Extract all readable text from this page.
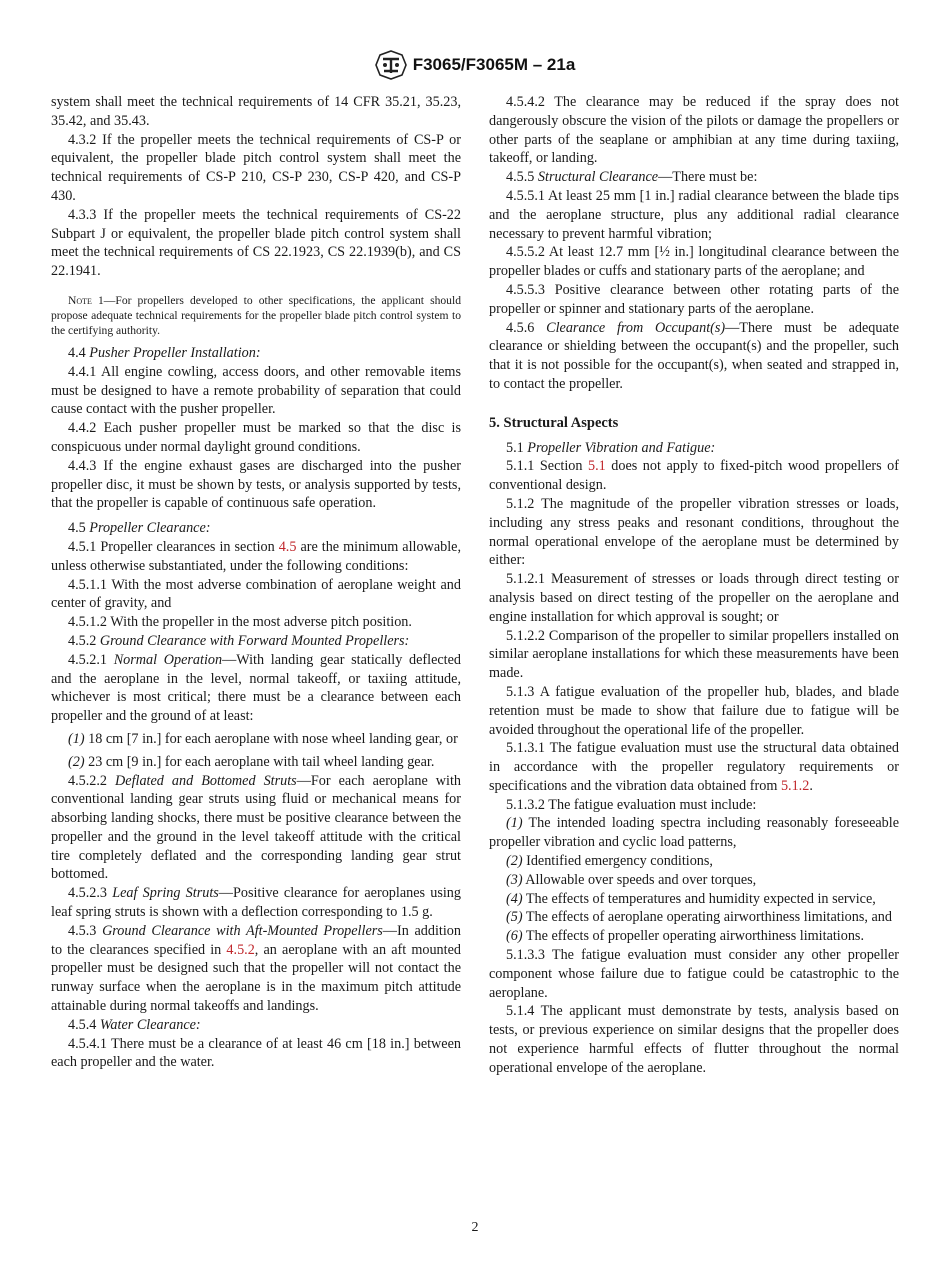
F3065/F3065M – 21a

system shall meet the technical requirements of 14 CFR 35.21, 35.23, 35.42, and 35.43.

4.3.2 If the propeller meets the technical requirements of CS-P or equivalent, the propeller blade pitch control system shall meet the technical requirements of CS-P 210, CS-P 230, CS-P 420, and CS-P 430.

4.3.3 If the propeller meets the technical requirements of CS-22 Subpart J or equivalent, the propeller blade pitch control system shall meet the technical requirements of CS 22.1923, CS 22.1939(b), and CS 22.1941.

Note 1—For propellers developed to other specifications, the applicant should propose adequate technical requirements for the propeller blade pitch control system to the certifying authority.

4.4 Pusher Propeller Installation:

4.4.1 All engine cowling, access doors, and other removable items must be designed to have a remote probability of separation that could cause contact with the pusher propeller.

4.4.2 Each pusher propeller must be marked so that the disc is conspicuous under normal daylight ground conditions.

4.4.3 If the engine exhaust gases are discharged into the pusher propeller disc, it must be shown by tests, or analysis supported by tests, that the propeller is capable of continuous safe operation.

4.5 Propeller Clearance:

4.5.1 Propeller clearances in section 4.5 are the minimum allowable, unless otherwise substantiated, under the following conditions:

4.5.1.1 With the most adverse combination of aeroplane weight and center of gravity, and

4.5.1.2 With the propeller in the most adverse pitch position.

4.5.2 Ground Clearance with Forward Mounted Propellers:

4.5.2.1 Normal Operation—With landing gear statically deflected and the aeroplane in the level, normal takeoff, or taxiing attitude, whichever is most critical; there must be a clearance between each propeller and the ground of at least:

(1) 18 cm [7 in.] for each aeroplane with nose wheel landing gear, or

(2) 23 cm [9 in.] for each aeroplane with tail wheel landing gear.

4.5.2.2 Deflated and Bottomed Struts—For each aeroplane with conventional landing gear struts using fluid or mechanical means for absorbing landing shocks, there must be positive clearance between the propeller and the ground in the level takeoff attitude with the critical tire completely deflated and the corresponding landing gear strut bottomed.

4.5.2.3 Leaf Spring Struts—Positive clearance for aeroplanes using leaf spring struts is shown with a deflection corresponding to 1.5 g.

4.5.3 Ground Clearance with Aft-Mounted Propellers—In addition to the clearances specified in 4.5.2, an aeroplane with an aft mounted propeller must be designed such that the propeller will not contact the runway surface when the aeroplane is in the maximum pitch attitude attainable during normal takeoffs and landings.

4.5.4 Water Clearance:

4.5.4.1 There must be a clearance of at least 46 cm [18 in.] between each propeller and the water.

4.5.4.2 The clearance may be reduced if the spray does not dangerously obscure the vision of the pilots or damage the propellers or other parts of the seaplane or amphibian at any time during taxiing, takeoff, or landing.

4.5.5 Structural Clearance—There must be:

4.5.5.1 At least 25 mm [1 in.] radial clearance between the blade tips and the aeroplane structure, plus any additional radial clearance necessary to prevent harmful vibration;

4.5.5.2 At least 12.7 mm [½ in.] longitudinal clearance between the propeller blades or cuffs and stationary parts of the aeroplane; and

4.5.5.3 Positive clearance between other rotating parts of the propeller or spinner and stationary parts of the aeroplane.

4.5.6 Clearance from Occupant(s)—There must be adequate clearance or shielding between the occupant(s) and the propeller, such that it is not possible for the occupant(s), when seated and strapped in, to contact the propeller.

5. Structural Aspects

5.1 Propeller Vibration and Fatigue:

5.1.1 Section 5.1 does not apply to fixed-pitch wood propellers of conventional design.

5.1.2 The magnitude of the propeller vibration stresses or loads, including any stress peaks and resonant conditions, throughout the normal operational envelope of the aeroplane must be determined by either:

5.1.2.1 Measurement of stresses or loads through direct testing or analysis based on direct testing of the propeller on the aeroplane and engine installation for which approval is sought; or

5.1.2.2 Comparison of the propeller to similar propellers installed on similar aeroplane installations for which these measurements have been made.

5.1.3 A fatigue evaluation of the propeller hub, blades, and blade retention must be made to show that failure due to fatigue will be avoided throughout the operational life of the propeller.

5.1.3.1 The fatigue evaluation must use the structural data obtained in accordance with the propeller regulatory requirements or specifications and the vibration data obtained from 5.1.2.

5.1.3.2 The fatigue evaluation must include:

(1) The intended loading spectra including reasonably foreseeable propeller vibration and cyclic load patterns,

(2) Identified emergency conditions,

(3) Allowable over speeds and over torques,

(4) The effects of temperatures and humidity expected in service,

(5) The effects of aeroplane operating airworthiness limitations, and

(6) The effects of propeller operating airworthiness limitations.

5.1.3.3 The fatigue evaluation must consider any other propeller component whose failure due to fatigue could be catastrophic to the aeroplane.

5.1.4 The applicant must demonstrate by tests, analysis based on tests, or previous experience on similar designs that the propeller does not experience harmful effects of flutter throughout the normal operational envelope of the aeroplane.

2
